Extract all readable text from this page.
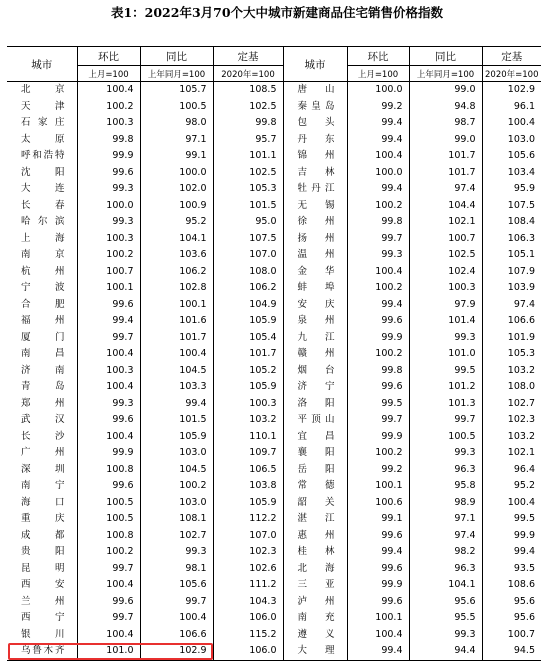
表1：2022年3月70个大中城市新建商品住宅销售价格指数
城市	环比	同比	定基	城市	环比	同比	定基
	上月=100	上年同月=100	2020年=100		上月=100	上年同月=100	2020年=100
北京	100.4	105.7	108.5	唐山	100.0	99.0	102.9
天津	100.2	100.5	102.5	秦皇岛	99.2	94.8	96.1
石家庄	100.3	98.0	99.8	包头	99.4	98.7	100.4
太原	99.8	97.1	95.7	丹东	99.4	99.0	103.0
呼和浩特	99.9	99.1	101.1	锦州	100.4	101.7	105.6
沈阳	99.6	100.0	102.5	吉林	100.0	101.7	103.4
大连	99.3	102.0	105.3	牡丹江	99.4	97.4	95.9
长春	100.0	100.9	101.5	无锡	100.2	104.4	107.5
哈尔滨	99.3	95.2	95.0	徐州	99.8	102.1	108.4
上海	100.3	104.1	107.5	扬州	99.7	100.7	106.3
南京	100.2	103.6	107.0	温州	99.3	102.5	105.1
杭州	100.7	106.2	108.0	金华	100.4	102.4	107.9
宁波	100.1	102.8	106.2	蚌埠	100.2	100.3	103.9
合肥	99.6	100.1	104.9	安庆	99.4	97.9	97.4
福州	99.4	101.6	105.9	泉州	99.6	101.4	106.6
厦门	99.7	101.7	105.4	九江	99.9	99.3	101.9
南昌	100.4	100.4	101.7	赣州	100.2	101.0	105.3
济南	100.3	104.5	105.2	烟台	99.8	99.5	103.2
青岛	100.4	103.3	105.9	济宁	99.6	101.2	108.0
郑州	99.3	99.4	100.3	洛阳	99.5	101.3	102.7
武汉	99.6	101.5	103.2	平顶山	99.7	99.7	102.3
长沙	100.4	105.9	110.1	宜昌	99.9	100.5	103.2
广州	99.9	103.0	109.7	襄阳	100.2	99.3	102.1
深圳	100.8	104.5	106.5	岳阳	99.2	96.3	96.4
南宁	99.6	100.2	103.8	常德	100.1	95.8	95.2
海口	100.5	103.0	105.9	韶关	100.6	98.9	100.4
重庆	100.5	108.1	112.2	湛江	99.1	97.1	99.5
成都	100.8	102.7	107.0	惠州	99.6	97.4	99.9
贵阳	100.2	99.3	102.3	桂林	99.4	98.2	99.4
昆明	99.7	98.1	102.6	北海	99.6	96.3	93.5
西安	100.4	105.6	111.2	三亚	99.9	104.1	108.6
兰州	99.6	99.7	104.3	泸州	99.6	95.6	95.6
西宁	99.7	100.4	106.0	南充	100.1	95.5	95.6
银川	100.4	106.6	115.2	遵义	100.4	99.3	100.7
乌鲁木齐	101.0	102.9	106.0	大理	99.4	94.4	94.5
